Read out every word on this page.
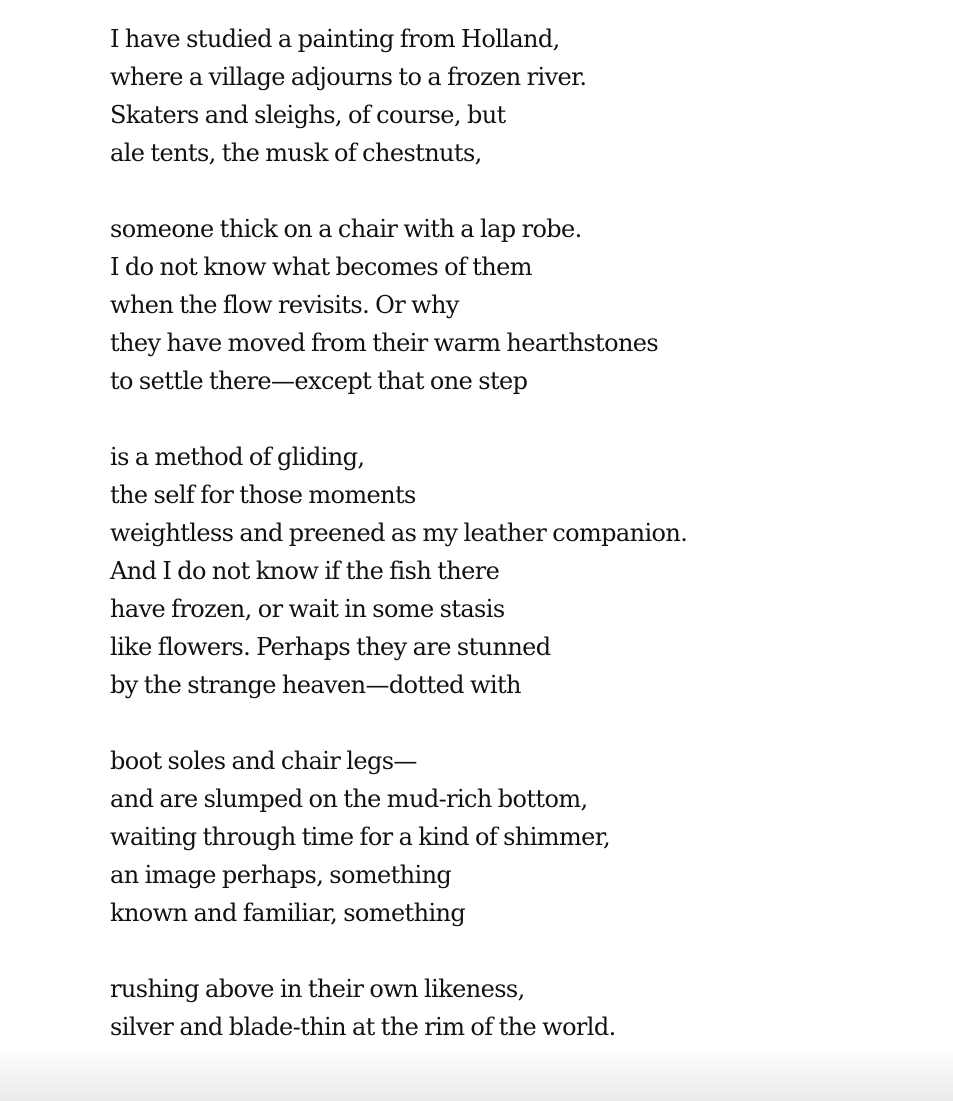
I have studied a painting from Holland,
where a village adjourns to a frozen river.
Skaters and sleighs, of course, but
ale tents, the musk of chestnuts,
someone thick on a chair with a lap robe.
I do not know what becomes of them
when the flow revisits. Or why
they have moved from their warm hearthstones
to settle there—except that one step
is a method of gliding,
the self for those moments
weightless and preened as my leather companion.
And I do not know if the fish there
have frozen, or wait in some stasis
like flowers. Perhaps they are stunned
by the strange heaven—dotted with
boot soles and chair legs—
and are slumped on the mud-rich bottom,
waiting through time for a kind of shimmer,
an image perhaps, something
known and familiar, something
rushing above in their own likeness,
silver and blade-thin at the rim of the world.
